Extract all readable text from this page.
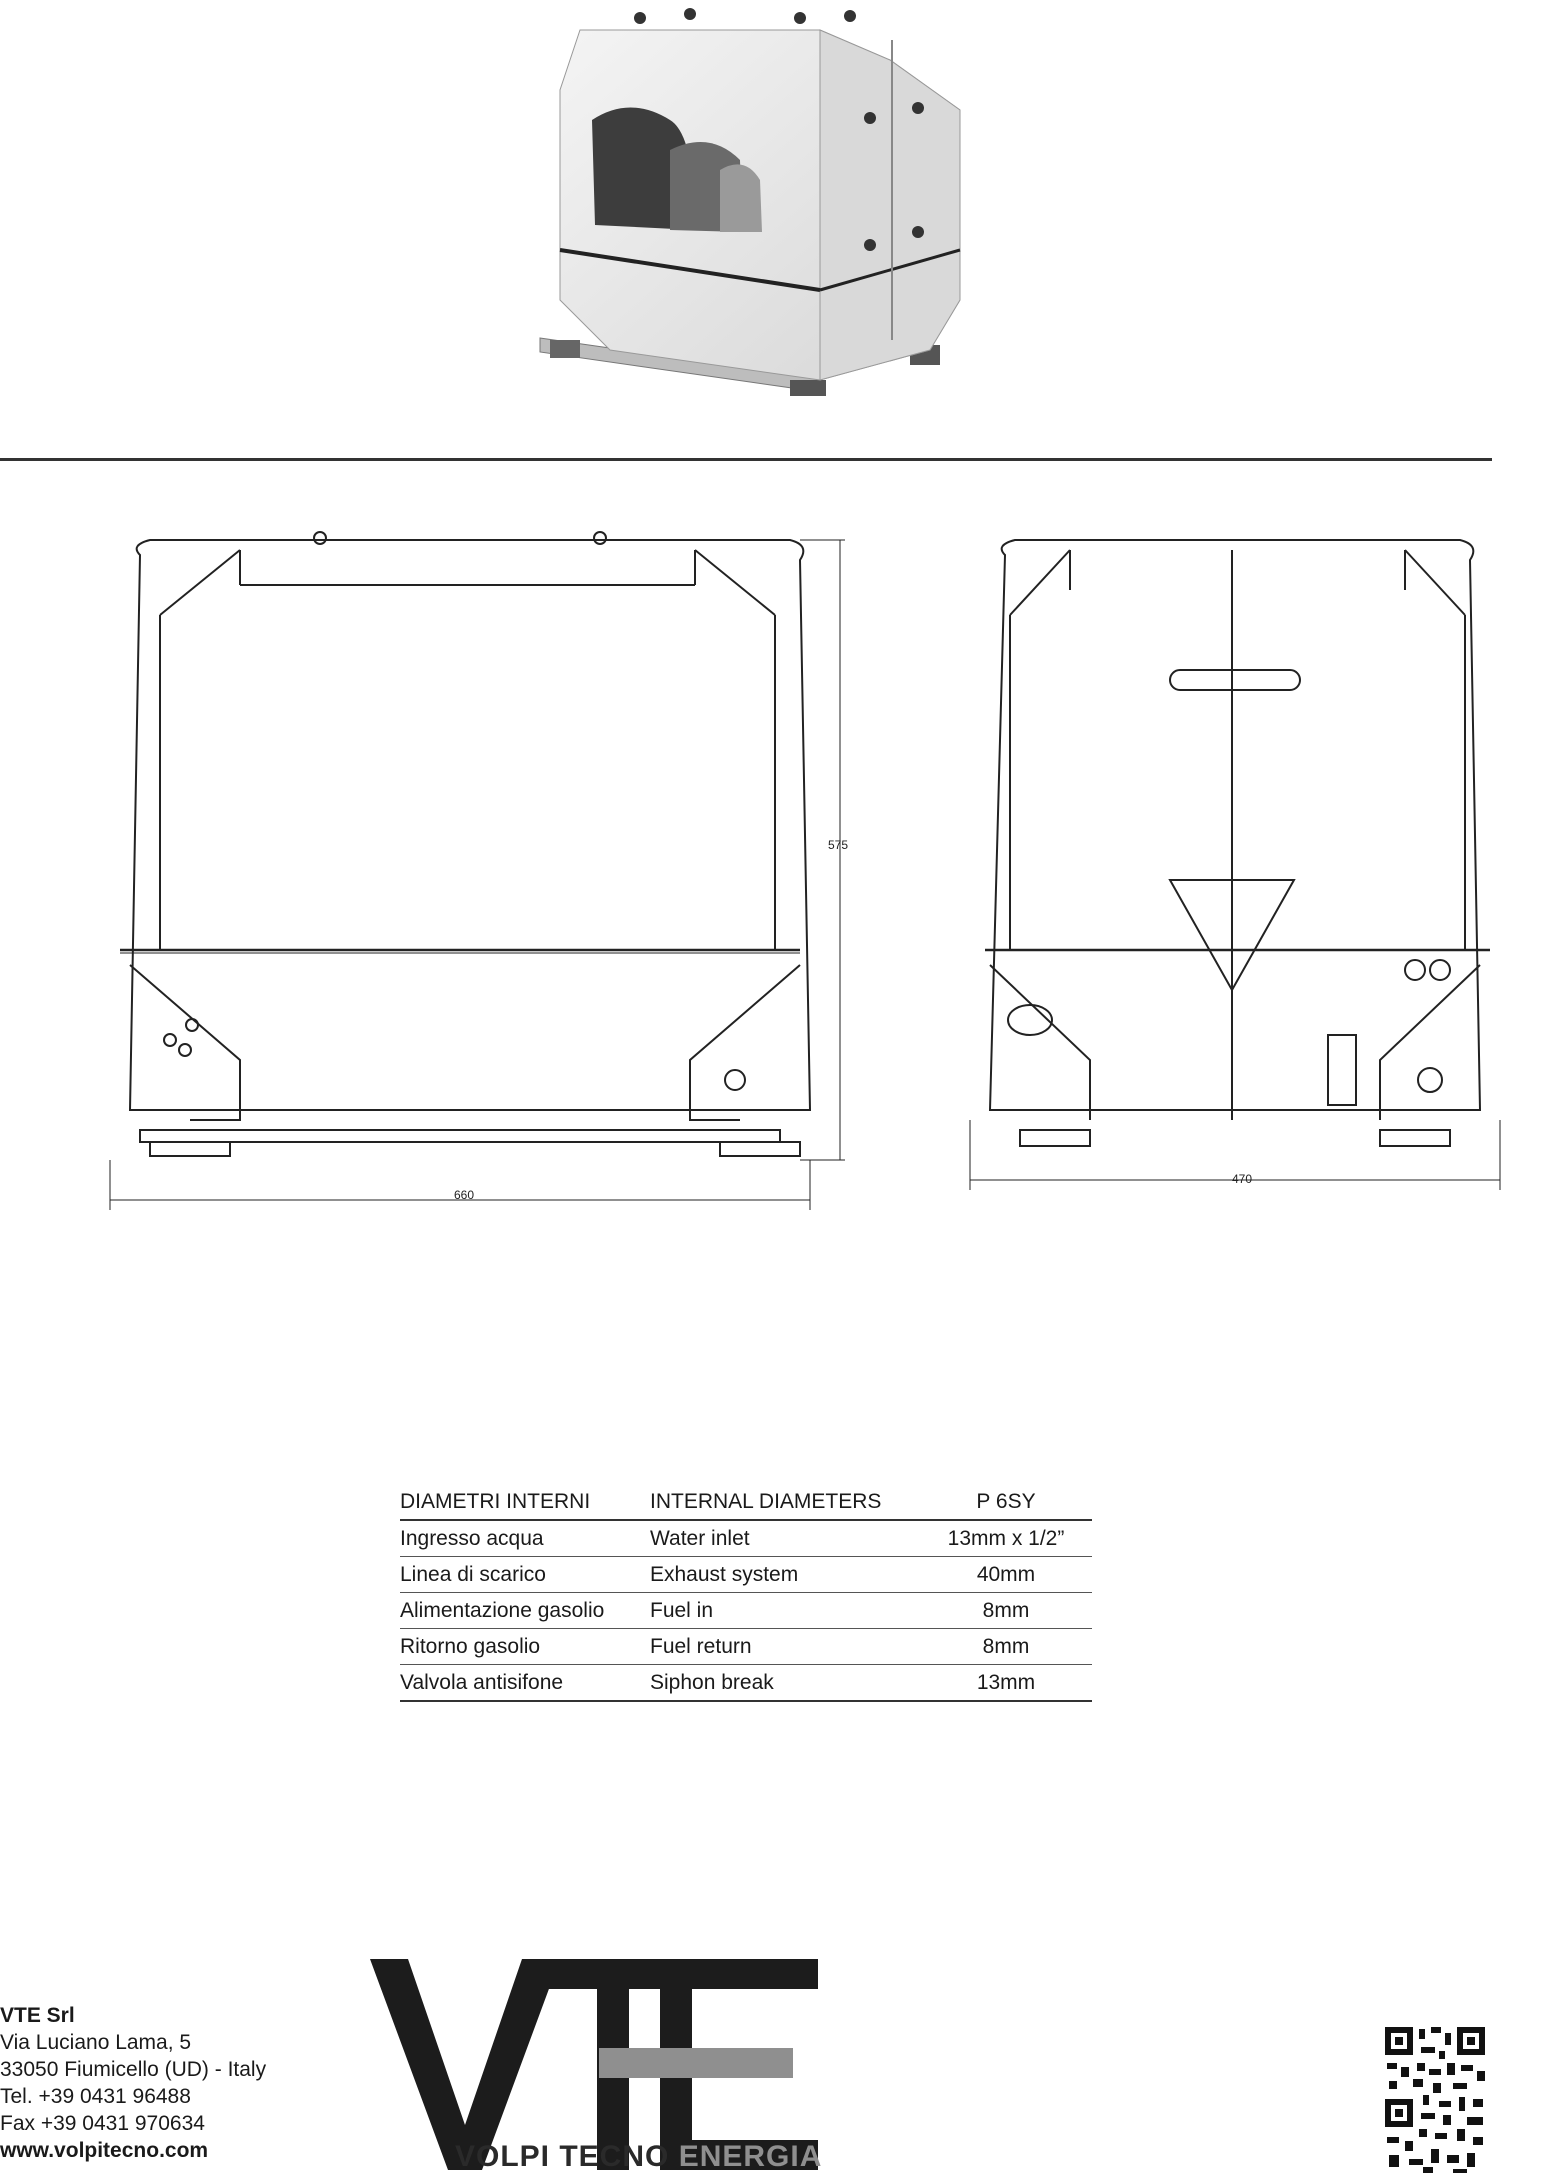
660
575
470
DIAMETRI INTERNI	INTERNAL DIAMETERS	P 6SY
Ingresso acqua	Water inlet	13mm x 1/2”
Linea di scarico	Exhaust system	40mm
Alimentazione gasolio	Fuel in	8mm
Ritorno gasolio	Fuel return	8mm
Valvola antisifone	Siphon break	13mm
VTE Srl
Via Luciano Lama, 5
33050 Fiumicello (UD) - Italy
Tel. +39 0431 96488
Fax +39 0431 970634
www.volpitecno.com	VOLPI TECNO ENERGIA
